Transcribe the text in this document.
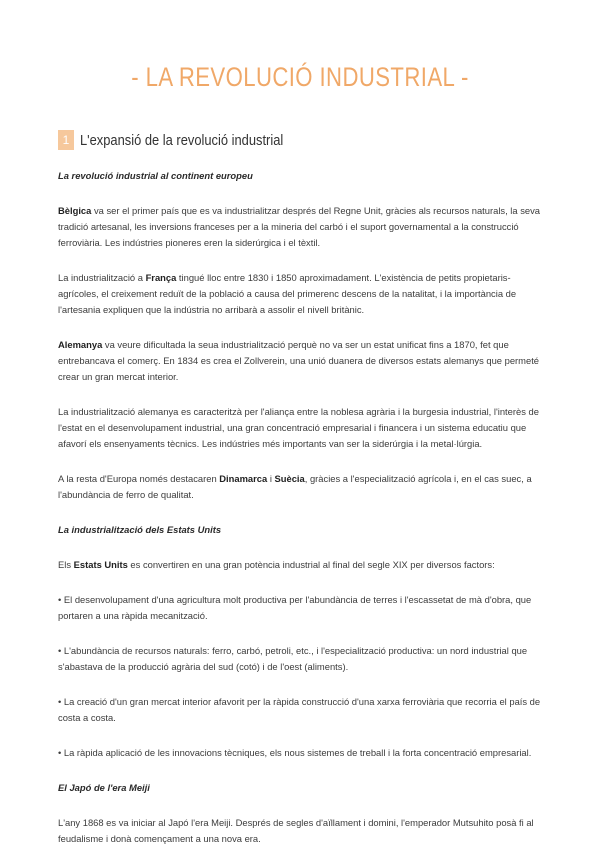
- LA REVOLUCIÓ INDUSTRIAL -
1 L'expansió de la revolució industrial
La revolució industrial al continent europeu

Bèlgica va ser el primer país que es va industrialitzar després del Regne Unit, gràcies als recursos naturals, la seva tradició artesanal, les inversions franceses per a la mineria del carbó i el suport governamental a la construcció ferroviària. Les indústries pioneres eren la siderúrgica i el tèxtil.

La industrialització a França tingué lloc entre 1830 i 1850 aproximadament. L'existència de petits propietaris-agrícoles, el creixement reduït de la població a causa del primerenc descens de la natalitat, i la importància de l'artesania expliquen que la indústria no arribarà a assolir el nivell britànic.

Alemanya va veure dificultada la seua industrialització perquè no va ser un estat unificat fins a 1870, fet que entrebancava el comerç. En 1834 es crea el Zollverein, una unió duanera de diversos estats alemanys que permeté crear un gran mercat interior.

La industrialització alemanya es caracteritzà per l'aliança entre la noblesa agrària i la burgesia industrial, l'interès de l'estat en el desenvolupament industrial, una gran concentració empresarial i financera i un sistema educatiu que afavorí els ensenyaments tècnics. Les indústries més importants van ser la siderúrgia i la metal·lúrgia.

A la resta d'Europa només destacaren Dinamarca i Suècia, gràcies a l'especialització agrícola i, en el cas suec, a l'abundància de ferro de qualitat.

La industrialització dels Estats Units

Els Estats Units es convertiren en una gran potència industrial al final del segle XIX per diversos factors:

• El desenvolupament d'una agricultura molt productiva per l'abundància de terres i l'escassetat de mà d'obra, que portaren a una ràpida mecanització.
• L'abundància de recursos naturals: ferro, carbó, petroli, etc., i l'especialització productiva: un nord industrial que s'abastava de la producció agrària del sud (cotó) i de l'oest (aliments).
• La creació d'un gran mercat interior afavorit per la ràpida construcció d'una xarxa ferroviària que recorria el país de costa a costa.
• La ràpida aplicació de les innovacions tècniques, els nous sistemes de treball i la forta concentració empresarial.
El Japó de l'era Meiji

L'any 1868 es va iniciar al Japó l'era Meiji. Després de segles d'aïllament i domini, l'emperador Mutsuhito posà fi al feudalisme i donà començament a una nova era.
